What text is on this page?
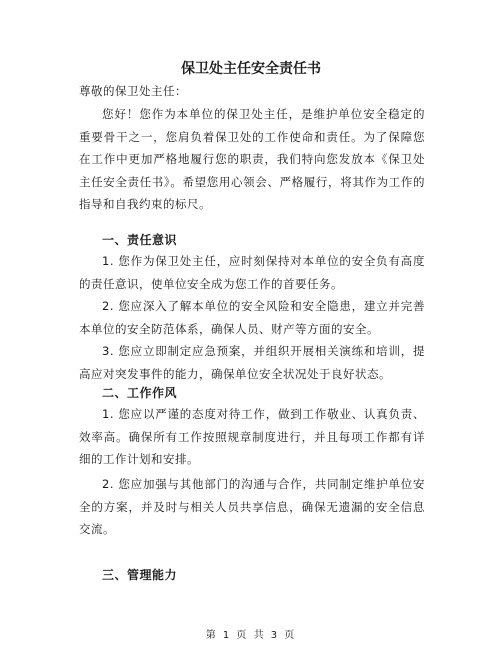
保卫处主任安全责任书
尊敬的保卫处主任：
您好！您作为本单位的保卫处主任，是维护单位安全稳定的重要骨干之一，您肩负着保卫处的工作使命和责任。为了保障您在工作中更加严格地履行您的职责，我们特向您发放本《保卫处主任安全责任书》。希望您用心领会、严格履行，将其作为工作的指导和自我约束的标尺。
一、责任意识
1. 您作为保卫处主任，应时刻保持对本单位的安全负有高度的责任意识，使单位安全成为您工作的首要任务。
2. 您应深入了解本单位的安全风险和安全隐患，建立并完善本单位的安全防范体系，确保人员、财产等方面的安全。
3. 您应立即制定应急预案，并组织开展相关演练和培训，提高应对突发事件的能力，确保单位安全状况处于良好状态。
二、工作作风
1. 您应以严谨的态度对待工作，做到工作敬业、认真负责、效率高。确保所有工作按照规章制度进行，并且每项工作都有详细的工作计划和安排。
2. 您应加强与其他部门的沟通与合作，共同制定维护单位安全的方案，并及时与相关人员共享信息，确保无遗漏的安全信息交流。
三、管理能力
第 1 页 共 3 页
